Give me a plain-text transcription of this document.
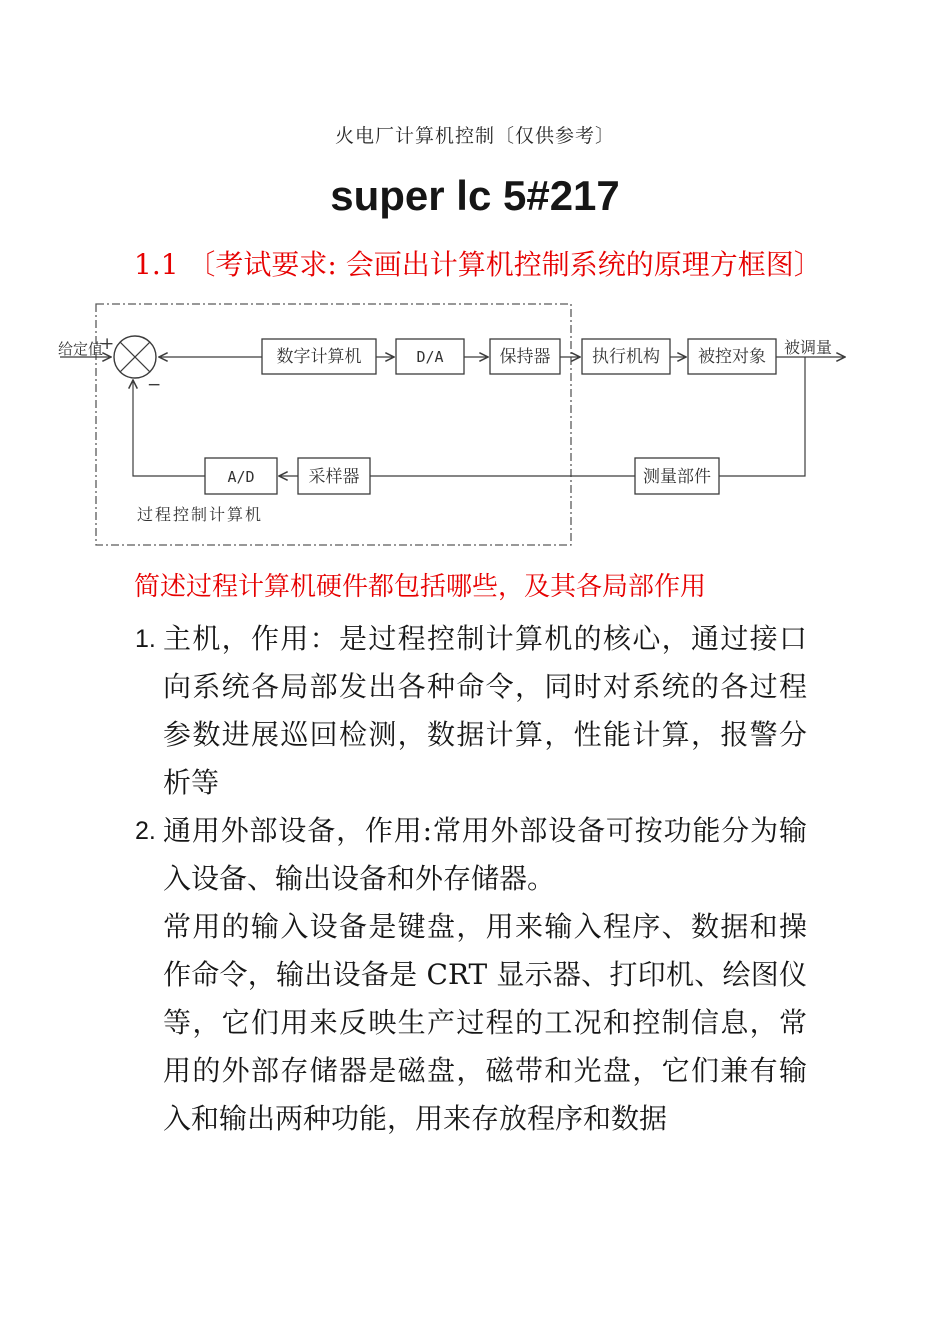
火电厂计算机控制〔仅供参考〕
super lc 5#217
1.1 〔考试要求: 会画出计算机控制系统的原理方框图〕
数字计算机	D/A	保持器 执行机构 被控对象
A/D	采样器	测量部件
给定值
+
−
被调量
过程控制计算机
简述过程计算机硬件都包括哪些，及其各局部作用
1. 主机，作用：是过程控制计算机的核心，通过接口
向系统各局部发出各种命令，同时对系统的各过程
参数进展巡回检测，数据计算，性能计算，报警分
析等
2. 通用外部设备，作用:常用外部设备可按功能分为输
入设备、输出设备和外存储器。
常用的输入设备是键盘，用来输入程序、数据和操
作命令，输出设备是 CRT 显示器、打印机、绘图仪
等，它们用来反映生产过程的工况和控制信息，常
用的外部存储器是磁盘，磁带和光盘，它们兼有输
入和输出两种功能，用来存放程序和数据
